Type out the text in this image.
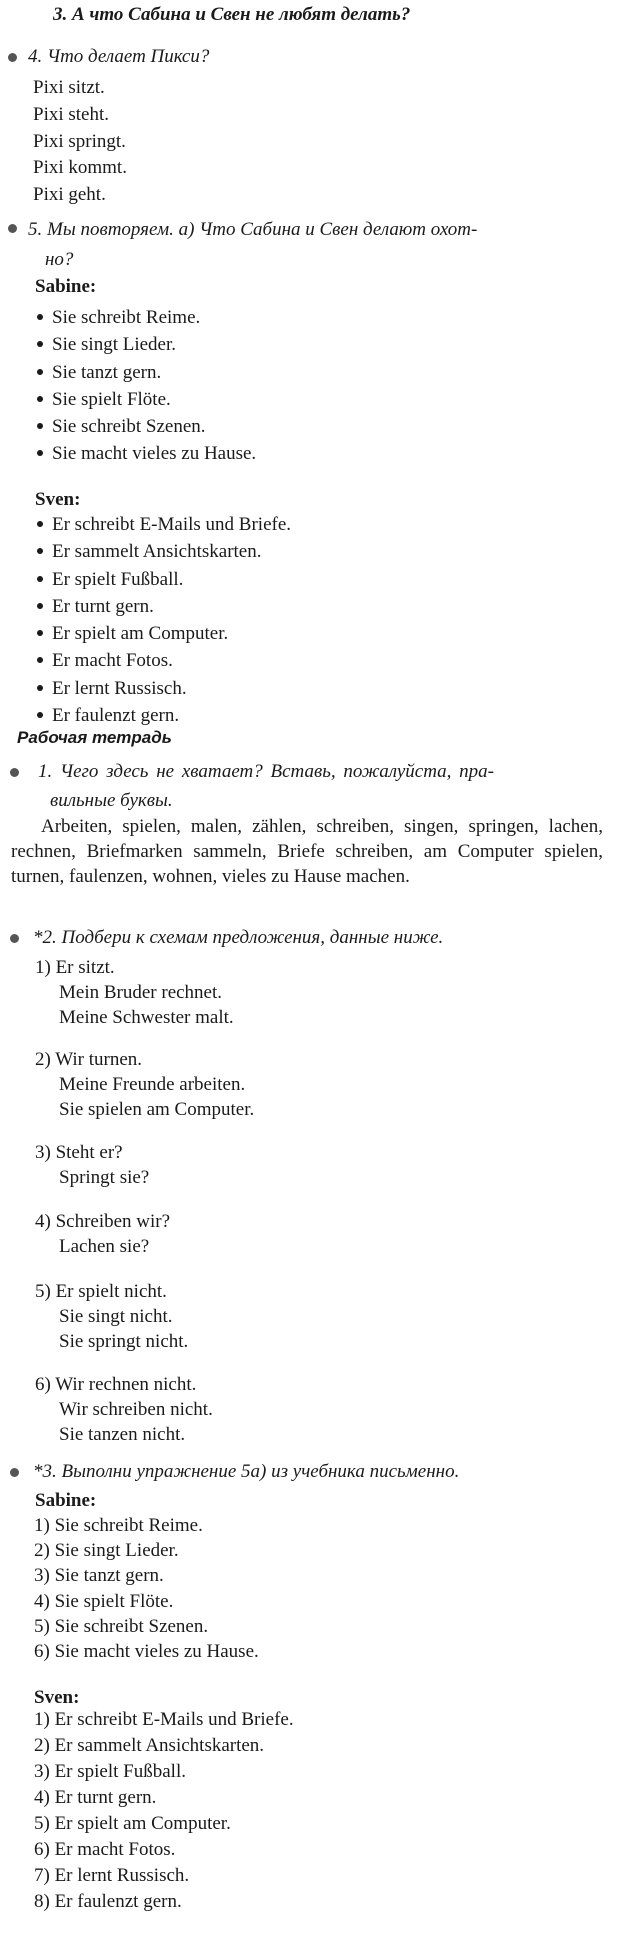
3. А что Сабина и Свен не любят делать?
4. Что делает Пикси?
Pixi sitzt.
Pixi steht.
Pixi springt.
Pixi kommt.
Pixi geht.
5. Мы повторяем. а) Что Сабина и Свен делают охот-
но?
Sabine:
Sie schreibt Reime.
Sie singt Lieder.
Sie tanzt gern.
Sie spielt Flöte.
Sie schreibt Szenen.
Sie macht vieles zu Hause.
Sven:
Er schreibt E-Mails und Briefe.
Er sammelt Ansichtskarten.
Er spielt Fußball.
Er turnt gern.
Er spielt am Computer.
Er macht Fotos.
Er lernt Russisch.
Er faulenzt gern.
Рабочая тетрадь
1. Чего здесь не хватает? Вставь, пожалуйста, пра-
вильные буквы.

Arbeiten, spielen, malen, zählen, schreiben, singen, springen, lachen, rechnen, Briefmarken sammeln, Briefe schreiben, am Computer spielen, turnen, faulenzen, wohnen, vieles zu Hause machen.

*2. Подбери к схемам предложения, данные ниже.
1) Er sitzt.
Mein Bruder rechnet.
Meine Schwester malt.
2) Wir turnen.
Meine Freunde arbeiten.
Sie spielen am Computer.
3) Steht er?
Springt sie?
4) Schreiben wir?
Lachen sie?
5) Er spielt nicht.
Sie singt nicht.
Sie springt nicht.
6) Wir rechnen nicht.
Wir schreiben nicht.
Sie tanzen nicht.
*3. Выполни упражнение 5а) из учебника письменно.
Sabine:
1) Sie schreibt Reime.
2) Sie singt Lieder.
3) Sie tanzt gern.
4) Sie spielt Flöte.
5) Sie schreibt Szenen.
6) Sie macht vieles zu Hause.
Sven:
1) Er schreibt E-Mails und Briefe.
2) Er sammelt Ansichtskarten.
3) Er spielt Fußball.
4) Er turnt gern.
5) Er spielt am Computer.
6) Er macht Fotos.
7) Er lernt Russisch.
8) Er faulenzt gern.
